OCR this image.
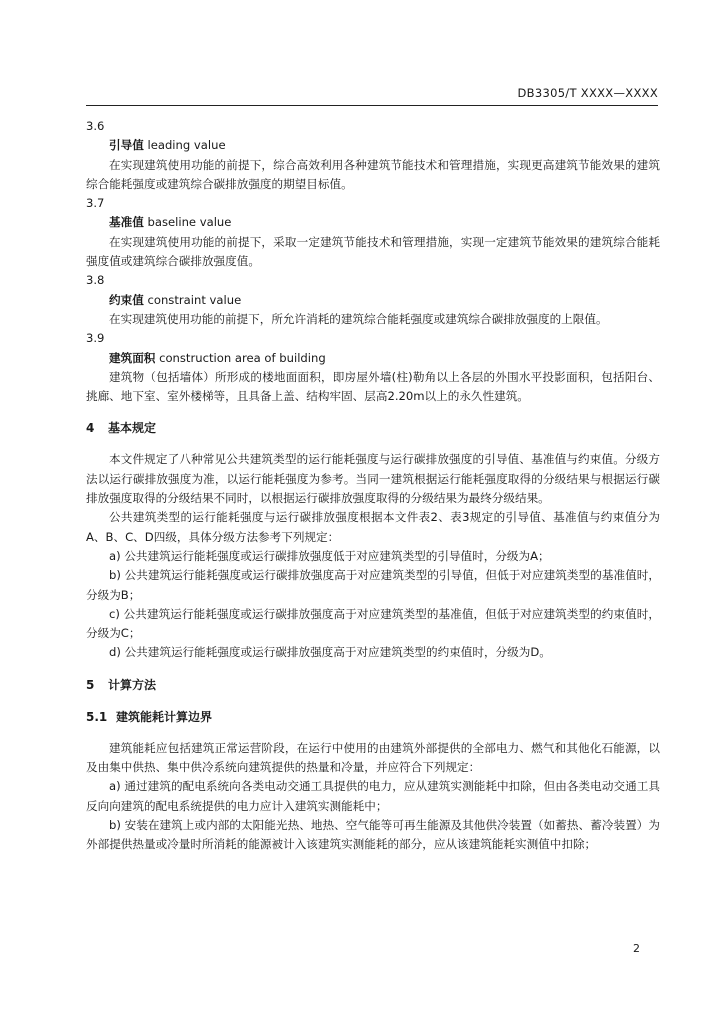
DB3305/T XXXX—XXXX

3.6

引导值 leading value

在实现建筑使用功能的前提下，综合高效利用各种建筑节能技术和管理措施，实现更高建筑节能效果的建筑综合能耗强度或建筑综合碳排放强度的期望目标值。

3.7

基准值 baseline value

在实现建筑使用功能的前提下，采取一定建筑节能技术和管理措施，实现一定建筑节能效果的建筑综合能耗强度值或建筑综合碳排放强度值。

3.8

约束值 constraint value

在实现建筑使用功能的前提下，所允许消耗的建筑综合能耗强度或建筑综合碳排放强度的上限值。

3.9

建筑面积 construction area of building

建筑物（包括墙体）所形成的楼地面面积，即房屋外墙(柱)勒角以上各层的外围水平投影面积，包括阳台、挑廊、地下室、室外楼梯等，且具备上盖、结构牢固、层高2.20m以上的永久性建筑。

4 基本规定

本文件规定了八种常见公共建筑类型的运行能耗强度与运行碳排放强度的引导值、基准值与约束值。分级方法以运行碳排放强度为准，以运行能耗强度为参考。当同一建筑根据运行能耗强度取得的分级结果与根据运行碳排放强度取得的分级结果不同时，以根据运行碳排放强度取得的分级结果为最终分级结果。

公共建筑类型的运行能耗强度与运行碳排放强度根据本文件表2、表3规定的引导值、基准值与约束值分为A、B、C、D四级，具体分级方法参考下列规定：

a) 公共建筑运行能耗强度或运行碳排放强度低于对应建筑类型的引导值时，分级为A；

b) 公共建筑运行能耗强度或运行碳排放强度高于对应建筑类型的引导值，但低于对应建筑类型的基准值时，分级为B；

c) 公共建筑运行能耗强度或运行碳排放强度高于对应建筑类型的基准值，但低于对应建筑类型的约束值时，分级为C；

d) 公共建筑运行能耗强度或运行碳排放强度高于对应建筑类型的约束值时，分级为D。

5 计算方法
5.1 建筑能耗计算边界

建筑能耗应包括建筑正常运营阶段，在运行中使用的由建筑外部提供的全部电力、燃气和其他化石能源，以及由集中供热、集中供冷系统向建筑提供的热量和冷量，并应符合下列规定：

a) 通过建筑的配电系统向各类电动交通工具提供的电力，应从建筑实测能耗中扣除，但由各类电动交通工具反向向建筑的配电系统提供的电力应计入建筑实测能耗中；

b) 安装在建筑上或内部的太阳能光热、地热、空气能等可再生能源及其他供冷装置（如蓄热、蓄冷装置）为外部提供热量或冷量时所消耗的能源被计入该建筑实测能耗的部分，应从该建筑能耗实测值中扣除；

2
